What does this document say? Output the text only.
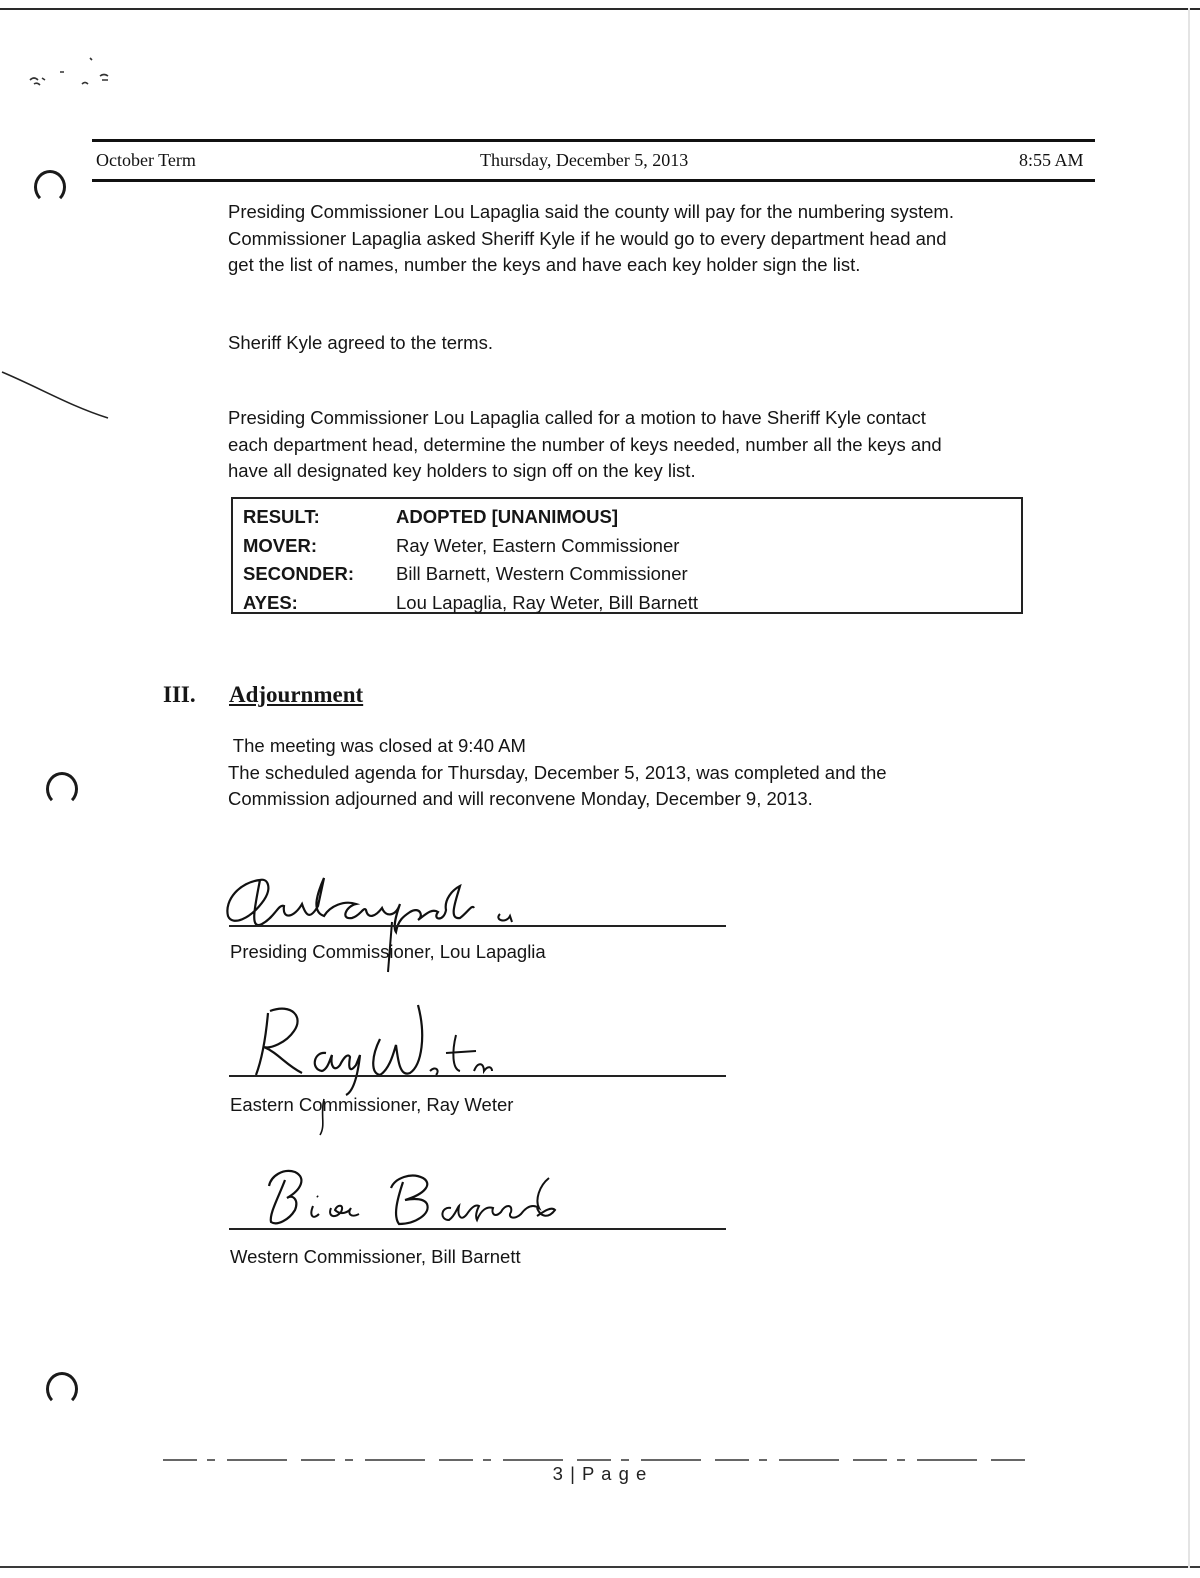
October Term	Thursday, December 5, 2013	8:55 AM

Presiding Commissioner Lou Lapaglia said the county will pay for the numbering system.

Commissioner Lapaglia asked Sheriff Kyle if he would go to every department head and

get the list of names, number the keys and have each key holder sign the list.

Sheriff Kyle agreed to the terms.

Presiding Commissioner Lou Lapaglia called for a motion to have Sheriff Kyle contact

each department head, determine the number of keys needed, number all the keys and

have all designated key holders to sign off on the key list.

RESULT:	ADOPTED [UNANIMOUS]
MOVER:	Ray Weter, Eastern Commissioner
SECONDER:	Bill Barnett, Western Commissioner
AYES:	Lou Lapaglia, Ray Weter, Bill Barnett
III. Adjournment

The meeting was closed at 9:40 AM

The scheduled agenda for Thursday, December 5, 2013, was completed and the

Commission adjourned and will reconvene Monday, December 9, 2013.

Presiding Commissioner, Lou Lapaglia
Eastern Commissioner, Ray Weter
Western Commissioner, Bill Barnett
3 | P a g e
